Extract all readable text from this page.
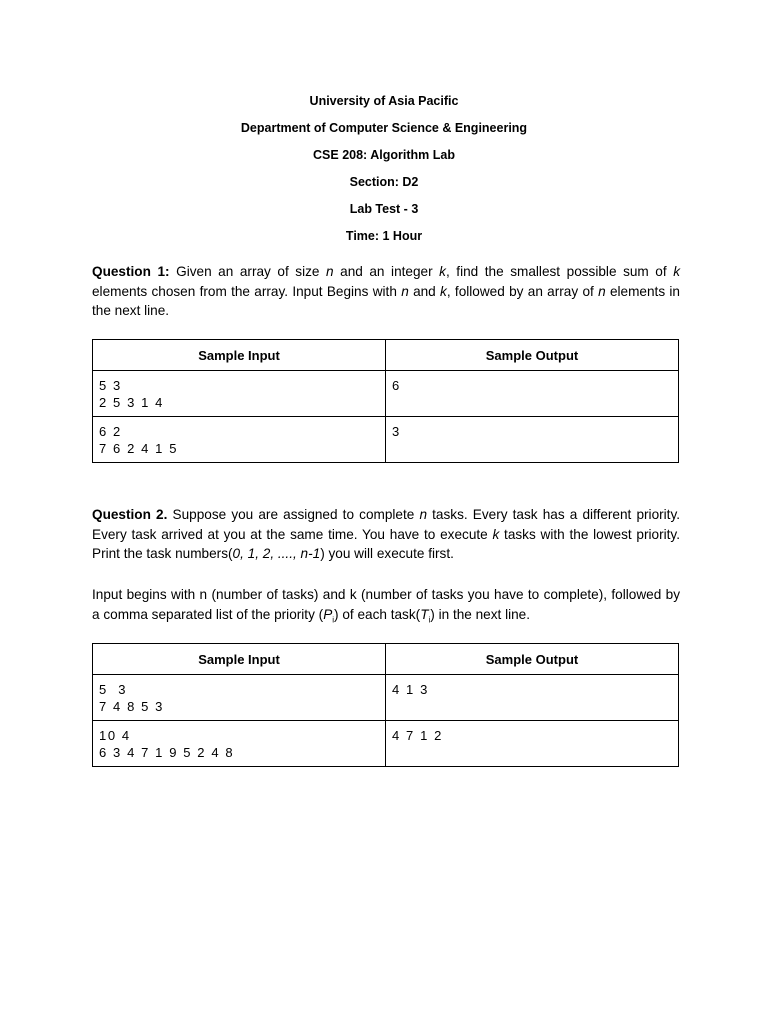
University of Asia Pacific
Department of Computer Science & Engineering
CSE 208: Algorithm Lab
Section: D2
Lab Test - 3
Time: 1 Hour
Question 1: Given an array of size n and an integer k, find the smallest possible sum of k elements chosen from the array. Input Begins with n and k, followed by an array of n elements in the next line.
Sample Input	Sample Output

5 3
2 5 3 1 4	6

6 2
7 6 2 4 1 5	3
Question 2. Suppose you are assigned to complete n tasks. Every task has a different priority. Every task arrived at you at the same time. You have to execute k tasks with the lowest priority. Print the task numbers(0, 1, 2, ...., n-1) you will execute first.
Input begins with n (number of tasks) and k (number of tasks you have to complete), followed by a comma separated list of the priority $(P_i)$ of each $task(T_i)$ in the next line.
Sample Input	Sample Output

5  3
7 4 8 5 3	4 1 3

10 4
6 3 4 7 1 9 5 2 4 8	4 7 1 2
